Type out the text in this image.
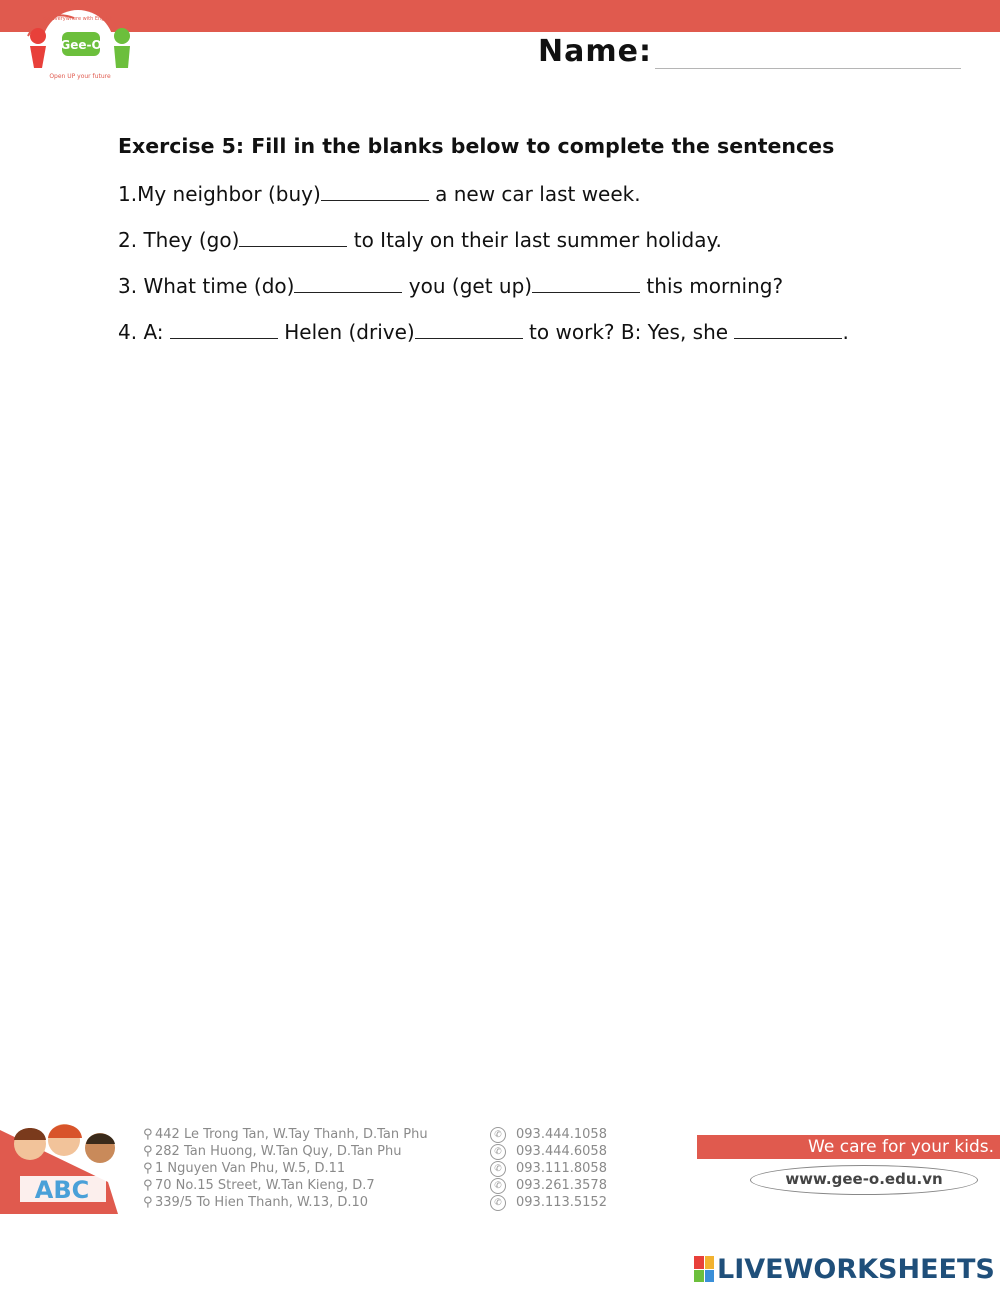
Gee-O
Go everywhere with English
Open UP your future
Name:
Exercise 5: Fill in the blanks below to complete the sentences
1.My neighbor (buy)	a new car last week.
2. They (go)	to Italy on their last summer holiday.
3. What time (do)	you (get up)	this morning?
4. A:	Helen (drive)	to work? B: Yes, she	.
ABC
⚲ 442 Le Trong Tan, W.Tay Thanh, D.Tan Phu
⚲ 282 Tan Huong, W.Tan Quy, D.Tan Phu
⚲ 1 Nguyen Van Phu, W.5, D.11
⚲ 70 No.15 Street, W.Tan Kieng, D.7
⚲ 339/5 To Hien Thanh, W.13, D.10
✆ 093.444.1058
✆ 093.444.6058
✆ 093.111.8058
✆ 093.261.3578
✆ 093.113.5152
We care for your kids.
www.gee-o.edu.vn
LIVEWORKSHEETS
